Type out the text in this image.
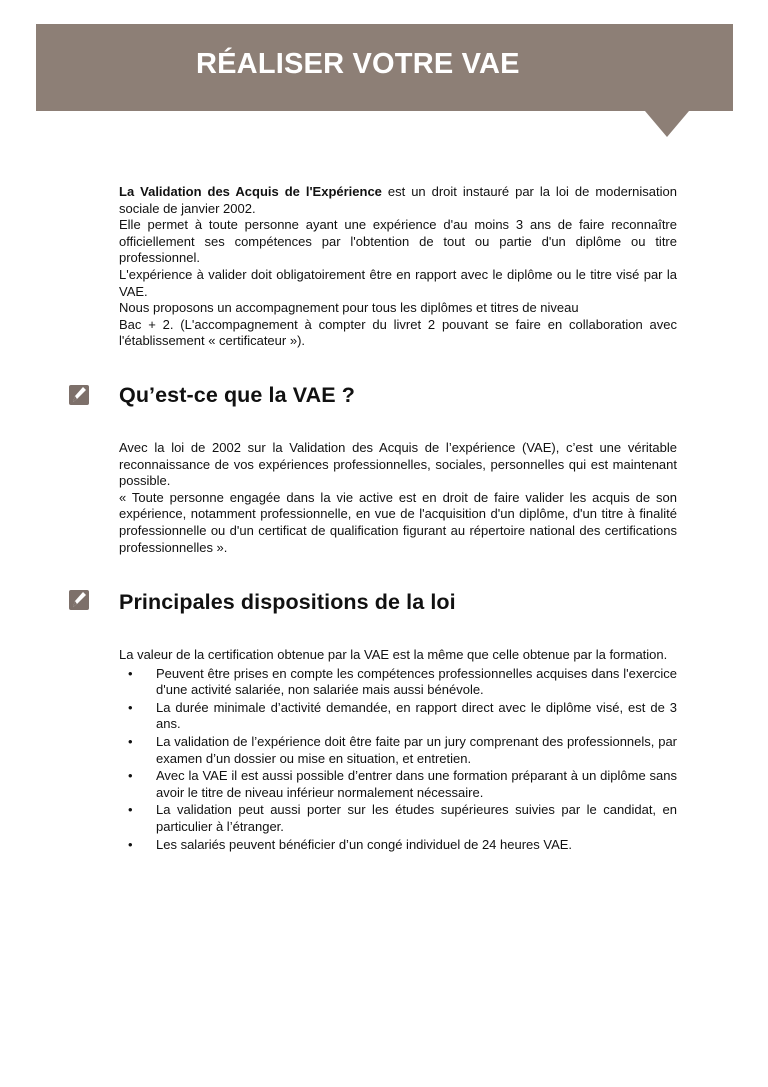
RÉALISER VOTRE VAE

La Validation des Acquis de l'Expérience est un droit instauré par la loi de modernisation sociale de janvier 2002.

Elle permet à toute personne ayant une expérience d'au moins 3 ans de faire reconnaître officiellement ses compétences par l'obtention de tout ou partie d'un diplôme ou titre professionnel.

L'expérience à valider doit obligatoirement être en rapport avec le diplôme ou le titre visé par la VAE.

Nous proposons un accompagnement pour tous les diplômes et titres de niveau

Bac + 2. (L'accompagnement à compter du livret 2 pouvant se faire en collaboration avec l'établissement « certificateur »).

Qu’est-ce que la VAE ?

Avec la loi de 2002 sur la Validation des Acquis de l’expérience (VAE), c’est une véritable reconnaissance de vos expériences professionnelles, sociales, personnelles qui est maintenant possible.

« Toute personne engagée dans la vie active est en droit de faire valider les acquis de son expérience, notamment professionnelle, en vue de l'acquisition d'un diplôme, d'un titre à finalité professionnelle ou d'un certificat de qualification figurant au répertoire national des certifications professionnelles ».

Principales dispositions de la loi

La valeur de la certification obtenue par la VAE est la même que celle obtenue par la formation.

• Peuvent être prises en compte les compétences professionnelles acquises dans l'exercice d'une activité salariée, non salariée mais aussi bénévole.
• La durée minimale d’activité demandée, en rapport direct avec le diplôme visé, est de 3 ans.
• La validation de l’expérience doit être faite par un jury comprenant des professionnels, par examen d’un dossier ou mise en situation, et entretien.
• Avec la VAE il est aussi possible d’entrer dans une formation préparant à un diplôme sans avoir le titre de niveau inférieur normalement nécessaire.
• La validation peut aussi porter sur les études supérieures suivies par le candidat, en particulier à l’étranger.
• Les salariés peuvent bénéficier d’un congé individuel de 24 heures VAE.
